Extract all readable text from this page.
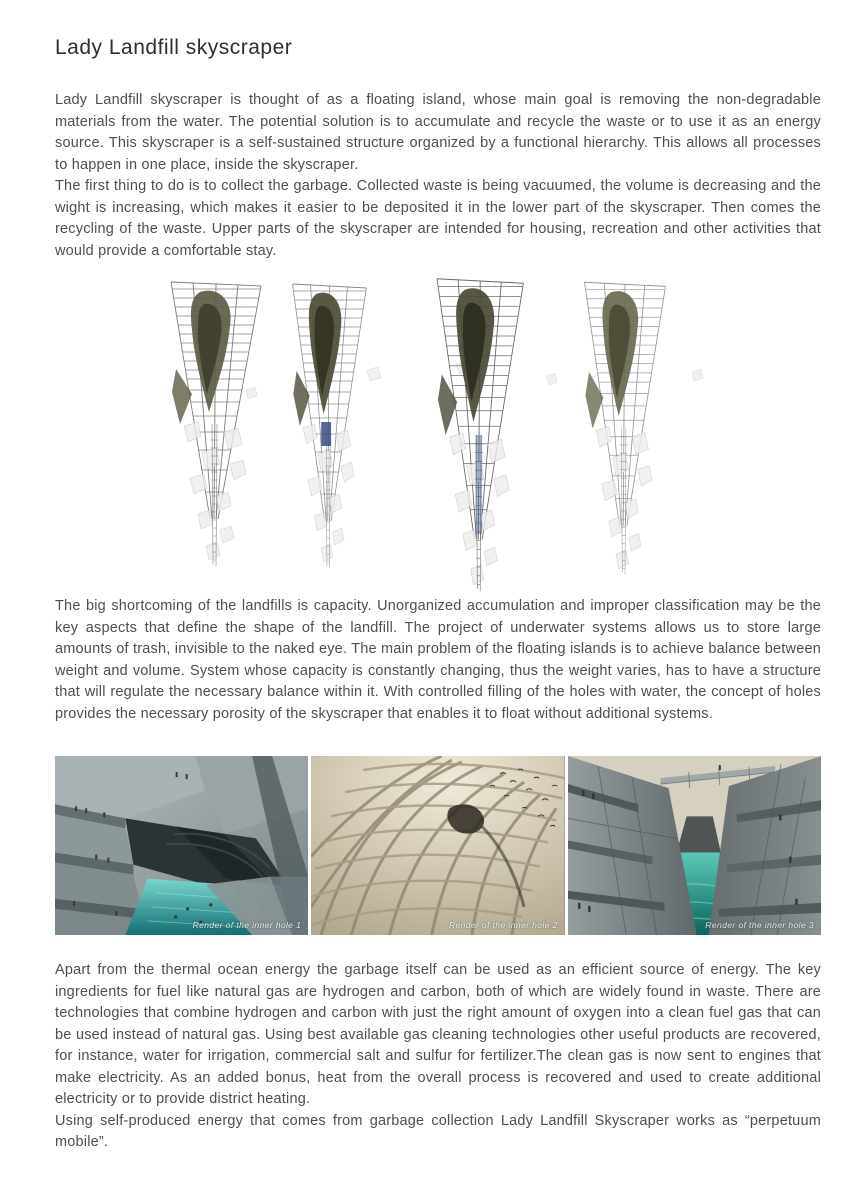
Lady Landfill skyscraper

Lady Landfill skyscraper is thought of as a floating island, whose main goal is removing the non-degradable materials from the water. The potential solution is to accumulate and recycle the waste or to use it as an energy source. This skyscraper is a self-sustained structure organized by a functional hierarchy. This allows all processes to happen in one place, inside the skyscraper.

The first thing to do is to collect the garbage. Collected waste is being vacuumed, the volume is decreasing and the wight is increasing, which makes it easier to be deposited it in the lower part of the skyscraper. Then comes the recycling of the waste. Upper parts of the skyscraper are intended for housing, recreation and other activities that would provide a comfortable stay.

The big shortcoming of the landfills is capacity. Unorganized accumulation and improper classification may be the key aspects that define the shape of the landfill. The project of underwater systems allows us to store large amounts of trash, invisible to the naked eye. The main problem of the floating islands is to achieve balance between weight and volume. System whose capacity is constantly changing, thus the weight varies, has to have a structure that will regulate the necessary balance within it. With controlled filling of the holes with water, the concept of holes provides the necessary porosity of the skyscraper that enables it to float without additional systems.

Render of the inner hole 1	Render of the inner hole 2	Render of the inner hole 3

Apart from the thermal ocean energy the garbage itself can be used as an efficient source of energy. The key ingredients for fuel like natural gas are hydrogen and carbon, both of which are widely found in waste. There are technologies that combine hydrogen and carbon with just the right amount of oxygen into a clean fuel gas that can be used instead of natural gas. Using best available gas cleaning technologies other useful products are recovered, for instance, water for irrigation, commercial salt and sulfur for fertilizer.The clean gas is now sent to engines that make electricity. As an added bonus, heat from the overall process is recovered and used to create additional electricity or to provide district heating.

Using self-produced energy that comes from garbage collection Lady Landfill Skyscraper works as “perpetuum mobile”.
